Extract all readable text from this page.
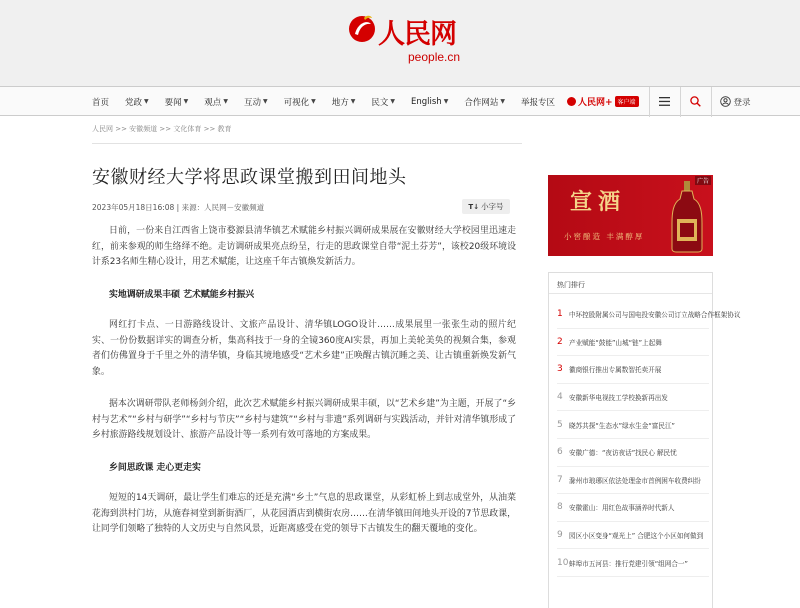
人民网
people.cn
首页 党政 ▼ 要闻 ▼ 观点 ▼ 互动 ▼ 可视化 ▼ 地方 ▼ 民文 ▼ English ▼ 合作网站 ▼ 举报专区	人民网+ 客户端	登录
人民网 >> 安徽频道 >> 文化体育 >> 教育
安徽财经大学将思政课堂搬到田间地头
2023年05月18日16:08 | 来源：人民网－安徽频道	T↓ 小字号

日前，一份来自江西省上饶市婺源县清华镇艺术赋能乡村振兴调研成果展在安徽财经大学校园里迅速走红，前来参观的师生络绎不绝。走访调研成果亮点纷呈，行走的思政课堂自带“泥土芬芳”，该校20级环境设计系23名师生精心设计，用艺术赋能，让这座千年古镇焕发新活力。

实地调研成果丰硕 艺术赋能乡村振兴

网红打卡点、一日游路线设计、文旅产品设计、清华镇LOGO设计……成果展里一张张生动的照片纪实、一份份数据详实的调查分析，集高科技于一身的全镜360度AI实景，再加上美轮美奂的视频合集，参观者们仿佛置身于千里之外的清华镇，身临其境地感受“艺术乡建”正唤醒古镇沉睡之美、让古镇重新焕发新气象。

据本次调研带队老师杨剑介绍，此次艺术赋能乡村振兴调研成果丰硕，以“艺术乡建”为主题，开展了“乡村与艺术”“乡村与研学”“乡村与节庆”“乡村与建筑”“乡村与非遗”系列调研与实践活动，并针对清华镇形成了乡村旅游路线规划设计、旅游产品设计等一系列有效可落地的方案成果。

乡间思政课 走心更走实

短短的14天调研，最让学生们难忘的还是充满“乡土”气息的思政课堂，从彩虹桥上到志成堂外，从油菜花海到洪村门坊，从施春祠堂到新街酒厂，从花园酒店到横街农房……在清华镇田间地头开设的7节思政课，让同学们领略了独特的人文历史与自然风景，近距离感受在党的领导下古镇发生的翻天覆地的变化。

广告
宣酒
小窖酿造 丰满醇厚
热门排行
1 中环控股附属公司与国电投安徽公司订立战略合作框架协议
2 产业赋能“鼓能”山城“链”上起舞
3 徽商银行推出专属数智托卖开展
4 安徽新华电视技工学校换新再出发
5 晓苏共探“生态水”绿水生金“富民江”
6 安徽广德：“夜访夜话”找民心 解民忧
7 滁州市琅琊区依法处理金市首例困车收费纠纷
8 安徽霍山：用红色故事涵养时代新人
9 园区小区变身“观光上” 合肥这个小区如何做到
10 蚌埠市五河县：推行党建引领“组网合一”
